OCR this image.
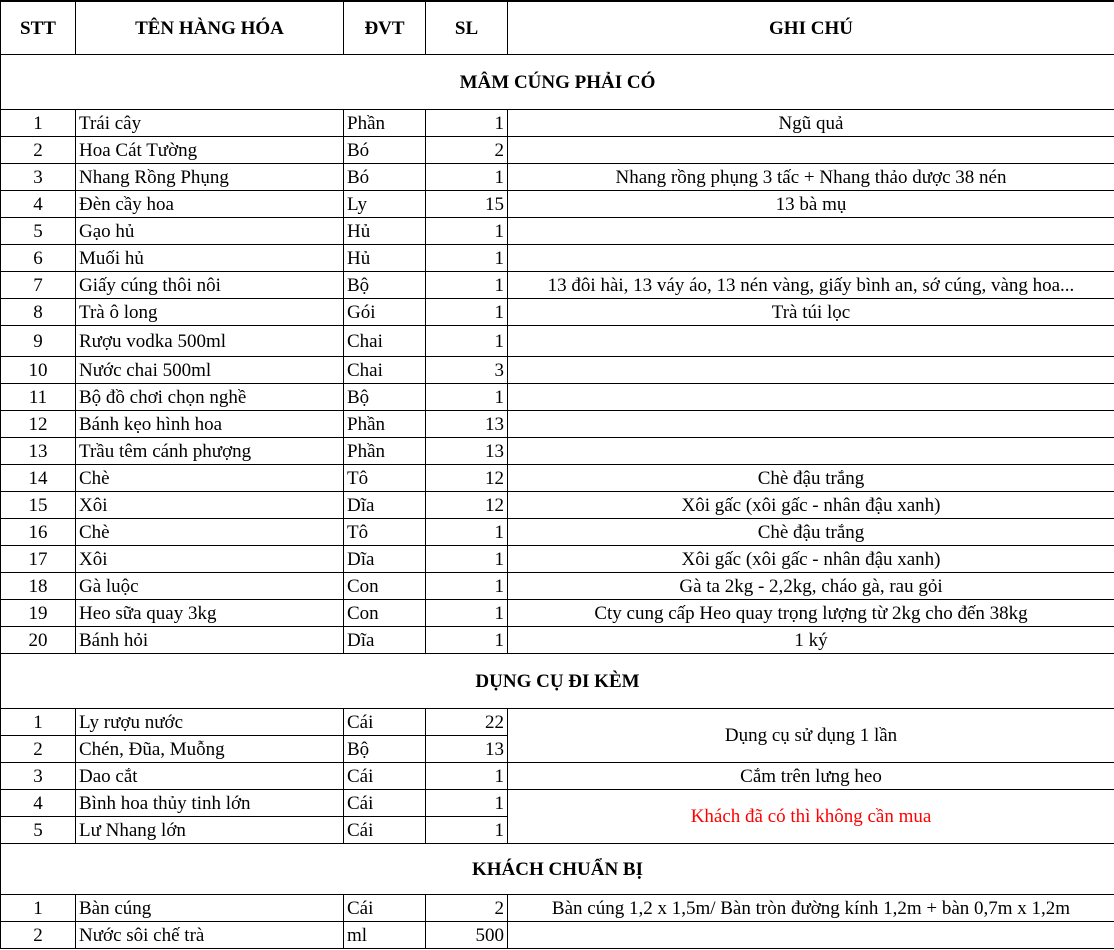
STT	TÊN HÀNG HÓA	ĐVT	SL	GHI CHÚ
MÂM CÚNG PHẢI CÓ				
1	Trái cây	Phần	1	Ngũ quả
2	Hoa Cát Tường	Bó	2	
3	Nhang Rồng Phụng	Bó	1	Nhang rồng phụng 3 tấc + Nhang thảo dược 38 nén
4	Đèn cầy hoa	Ly	15	13 bà mụ
5	Gạo hủ	Hủ	1	
6	Muối hủ	Hủ	1	
7	Giấy cúng thôi nôi	Bộ	1	13 đôi hài, 13 váy áo, 13 nén vàng, giấy bình an, sớ cúng, vàng hoa...
8	Trà ô long	Gói	1	Trà túi lọc
9	Rượu vodka 500ml	Chai	1	
10	Nước chai 500ml	Chai	3	
11	Bộ đồ chơi chọn nghề	Bộ	1	
12	Bánh kẹo hình hoa	Phần	13	
13	Trầu têm cánh phượng	Phần	13	
14	Chè	Tô	12	Chè đậu trắng
15	Xôi	Dĩa	12	Xôi gấc (xôi gấc - nhân đậu xanh)
16	Chè	Tô	1	Chè đậu trắng
17	Xôi	Dĩa	1	Xôi gấc (xôi gấc - nhân đậu xanh)
18	Gà luộc	Con	1	Gà ta 2kg - 2,2kg, cháo gà, rau gỏi
19	Heo sữa quay 3kg	Con	1	Cty cung cấp Heo quay trọng lượng từ 2kg cho đến 38kg
20	Bánh hỏi	Dĩa	1	1 ký
DỤNG CỤ ĐI KÈM				
1	Ly rượu nước	Cái	22	Dụng cụ sử dụng 1 lần
2	Chén, Đũa, Muỗng	Bộ	13	
3	Dao cắt	Cái	1	Cắm trên lưng heo
4	Bình hoa thủy tinh lớn	Cái	1	Khách đã có thì không cần mua
5	Lư Nhang lớn	Cái	1	
KHÁCH CHUẨN BỊ				
1	Bàn cúng	Cái	2	Bàn cúng 1,2 x 1,5m/ Bàn tròn đường kính 1,2m + bàn 0,7m x 1,2m
2	Nước sôi chế trà	ml	500	
